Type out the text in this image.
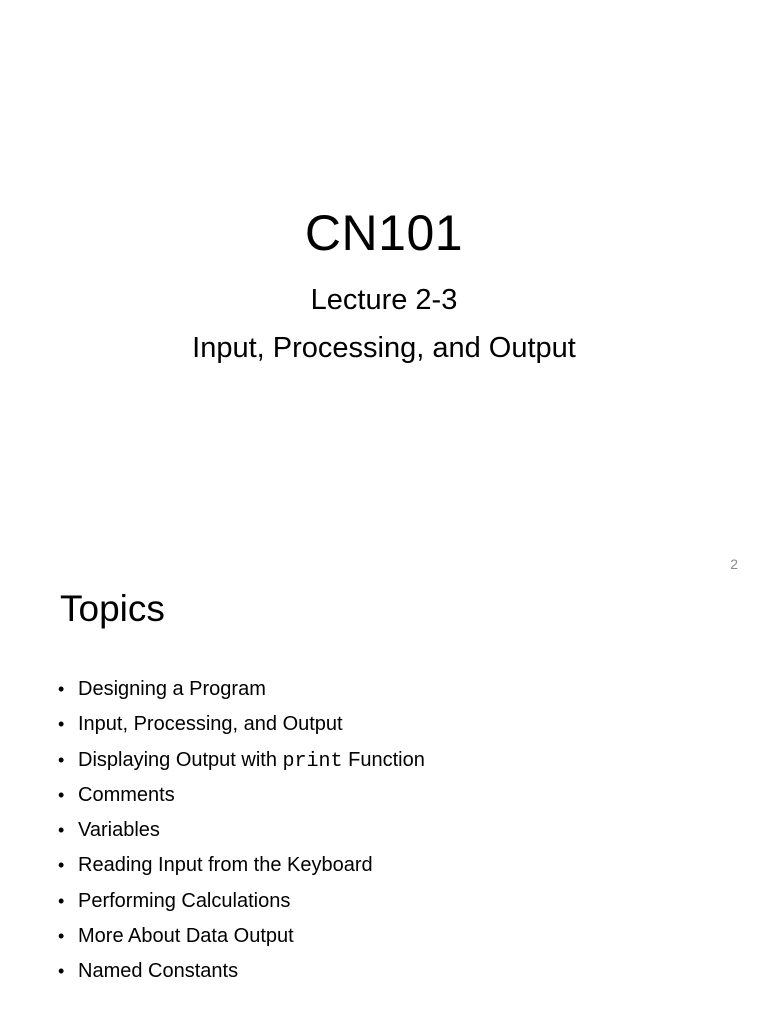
CN101
Lecture 2-3
Input, Processing, and Output
2
Topics
• Designing a Program
• Input, Processing, and Output
• Displaying Output with print Function
• Comments
• Variables
• Reading Input from the Keyboard
• Performing Calculations
• More About Data Output
• Named Constants
